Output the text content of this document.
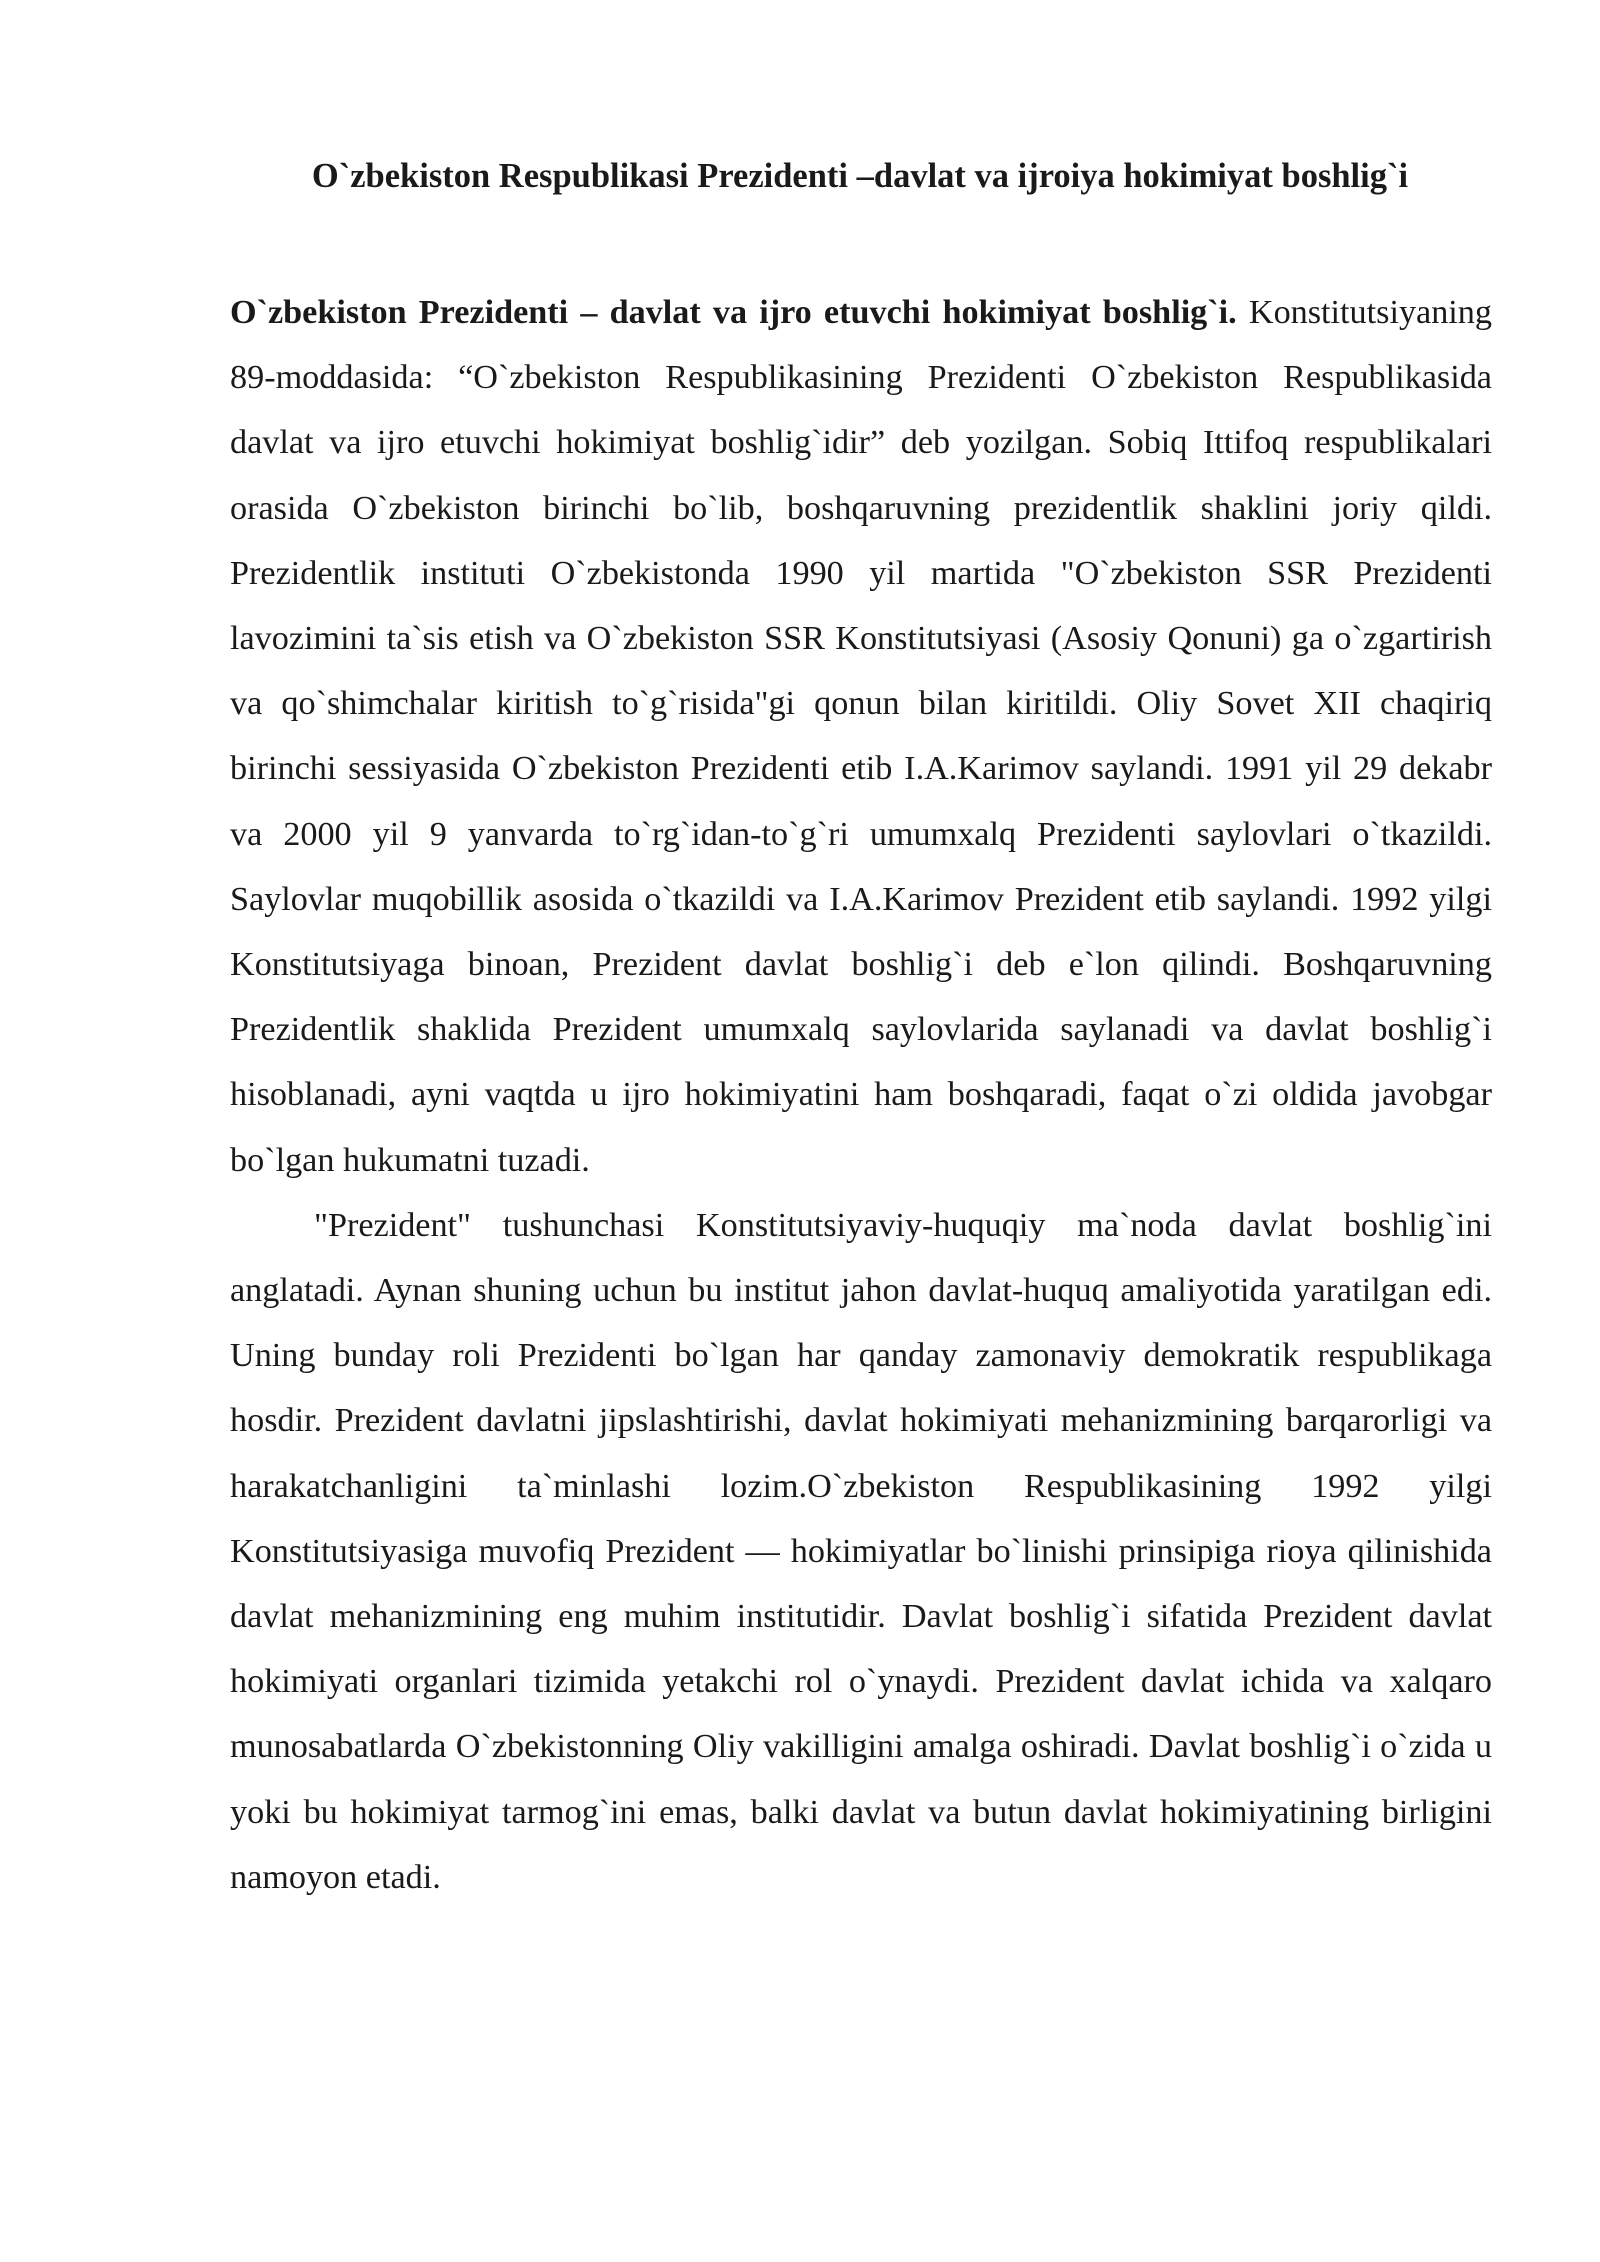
O`zbekiston Respublikasi Prezidenti –davlat va ijroiya hokimiyat boshlig`i

O`zbekiston Prezidenti – davlat va ijro etuvchi hokimiyat boshlig`i. Konstitutsiyaning 89-moddasida: “O`zbekiston Respublikasining Prezidenti O`zbekiston Respublikasida davlat va ijro etuvchi hokimiyat boshlig`idir” deb yozilgan. Sobiq Ittifoq respublikalari orasida O`zbekiston birinchi bo`lib, boshqaruvning prezidentlik shaklini joriy qildi. Prezidentlik instituti O`zbekistonda 1990 yil martida "O`zbekiston SSR Prezidenti lavozimini ta`sis etish va O`zbekiston SSR Konstitutsiyasi (Asosiy Qonuni) ga o`zgartirish va qo`shimchalar kiritish to`g`risida"gi qonun bilan kiritildi. Oliy Sovet XII chaqiriq birinchi sessiyasida O`zbekiston Prezidenti etib I.A.Karimov saylandi. 1991 yil 29 dekabr va 2000 yil 9 yanvarda to`rg`idan-to`g`ri umumxalq Prezidenti saylovlari o`tkazildi. Saylovlar muqobillik asosida o`tkazildi va I.A.Karimov Prezident etib saylandi. 1992 yilgi Konstitutsiyaga binoan, Prezident davlat boshlig`i deb e`lon qilindi. Boshqaruvning Prezidentlik shaklida Prezident umumxalq saylovlarida saylanadi va davlat boshlig`i hisoblanadi, ayni vaqtda u ijro hokimiyatini ham boshqaradi, faqat o`zi oldida javobgar bo`lgan hukumatni tuzadi.

"Prezident" tushunchasi Konstitutsiyaviy-huquqiy ma`noda davlat boshlig`ini anglatadi. Aynan shuning uchun bu institut jahon davlat-huquq amaliyotida yaratilgan edi. Uning bunday roli Prezidenti bo`lgan har qanday zamonaviy demokratik respublikaga hosdir. Prezident davlatni jipslashtirishi, davlat hokimiyati mehanizmining barqarorligi va harakatchanligini ta`minlashi lozim.O`zbekiston Respublikasining 1992 yilgi Konstitutsiyasiga muvofiq Prezident — hokimiyatlar bo`linishi prinsipiga rioya qilinishida davlat mehanizmining eng muhim institutidir. Davlat boshlig`i sifatida Prezident davlat hokimiyati organlari tizimida yetakchi rol o`ynaydi. Prezident davlat ichida va xalqaro munosabatlarda O`zbekistonning Oliy vakilligini amalga oshiradi. Davlat boshlig`i o`zida u yoki bu hokimiyat tarmog`ini emas, balki davlat va butun davlat hokimiyatining birligini namoyon etadi.
